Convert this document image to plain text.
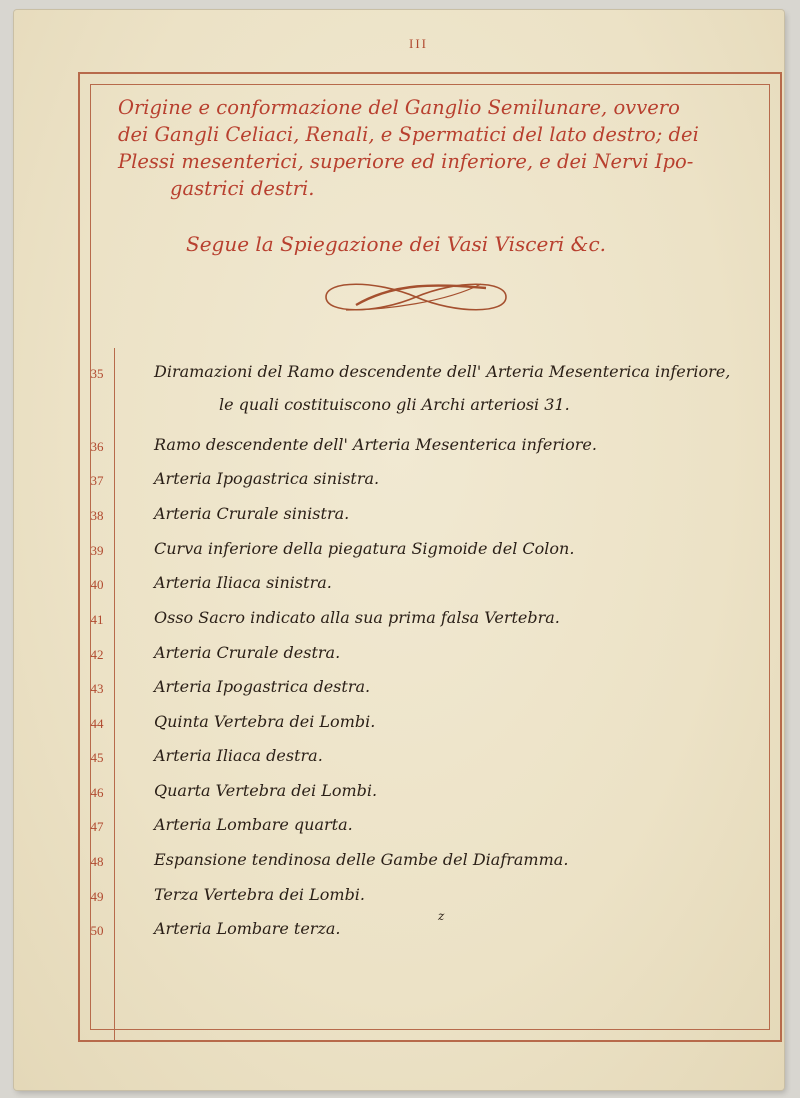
III
Origine e conformazione del Ganglio Semilunare, ovvero
dei Gangli Celiaci, Renali, e Spermatici del lato destro; dei
Plessi mesenterici, superiore ed inferiore, e dei Nervi Ipo-
gastrici destri.
Segue la Spiegazione dei Vasi Visceri &c.
35	Diramazioni del Ramo descendente dell' Arteria Mesenterica inferiore,
le quali costituiscono gli Archi arteriosi 31.
36	Ramo descendente dell' Arteria Mesenterica inferiore.
37	Arteria Ipogastrica sinistra.
38	Arteria Crurale sinistra.
39	Curva inferiore della piegatura Sigmoide del Colon.
40	Arteria Iliaca sinistra.
41	Osso Sacro indicato alla sua prima falsa Vertebra.
42	Arteria Crurale destra.
43	Arteria Ipogastrica destra.
44	Quinta Vertebra dei Lombi.
45	Arteria Iliaca destra.
46	Quarta Vertebra dei Lombi.
47	Arteria Lombare quarta.
48	Espansione tendinosa delle Gambe del Diaframma.
49	Terza Vertebra dei Lombi.
50	Arteria Lombare terza.
z
